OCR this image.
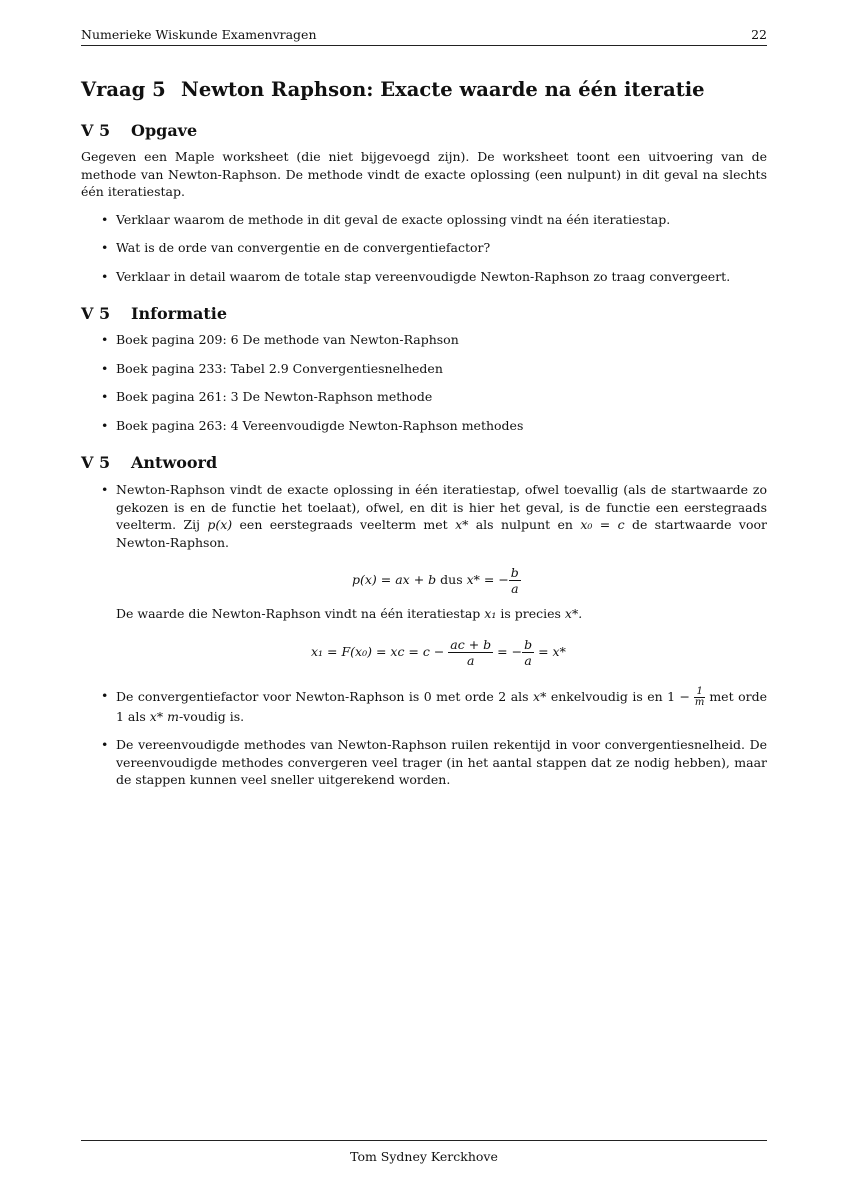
Numerieke Wiskunde Examenvragen	22
Vraag 5 Newton Raphson: Exacte waarde na één iteratie
V 5 Opgave

Gegeven een Maple worksheet (die niet bijgevoegd zijn). De worksheet toont een uitvoering van de methode van Newton-Raphson. De methode vindt de exacte oplossing (een nulpunt) in dit geval na slechts één iteratiestap.

• Verklaar waarom de methode in dit geval de exacte oplossing vindt na één iteratiestap.
• Wat is de orde van convergentie en de convergentiefactor?
• Verklaar in detail waarom de totale stap vereenvoudigde Newton-Raphson zo traag convergeert.
V 5 Informatie
• Boek pagina 209: 6 De methode van Newton-Raphson
• Boek pagina 233: Tabel 2.9 Convergentiesnelheden
• Boek pagina 261: 3 De Newton-Raphson methode
• Boek pagina 263: 4 Vereenvoudigde Newton-Raphson methodes
V 5 Antwoord
• Newton-Raphson vindt de exacte oplossing in één iteratiestap, ofwel toevallig (als de startwaarde zo gekozen is en de functie het toelaat), ofwel, en dit is hier het geval, is de functie een eerstegraads veelterm. Zij p(x) een eerstegraads veelterm met x* als nulpunt en x₀ = c de startwaarde voor Newton-Raphson.
p(x) = ax + b dus x* = − $\frac{b}{a}$
De waarde die Newton-Raphson vindt na één iteratiestap x₁ is precies x*.
x₁ = F(x₀) = xc = $c - \frac{ac + b}{a}$ = − $\frac{b}{a} = x*$
• De convergentiefactor voor Newton-Raphson is 0 met orde 2 als x* enkelvoudig is en $1 - \frac{1}{m}$ met orde 1 als x* m-voudig is.
• De vereenvoudigde methodes van Newton-Raphson ruilen rekentijd in voor convergentiesnelheid. De vereenvoudigde methodes convergeren veel trager (in het aantal stappen dat ze nodig hebben), maar de stappen kunnen veel sneller uitgerekend worden.
Tom Sydney Kerckhove
